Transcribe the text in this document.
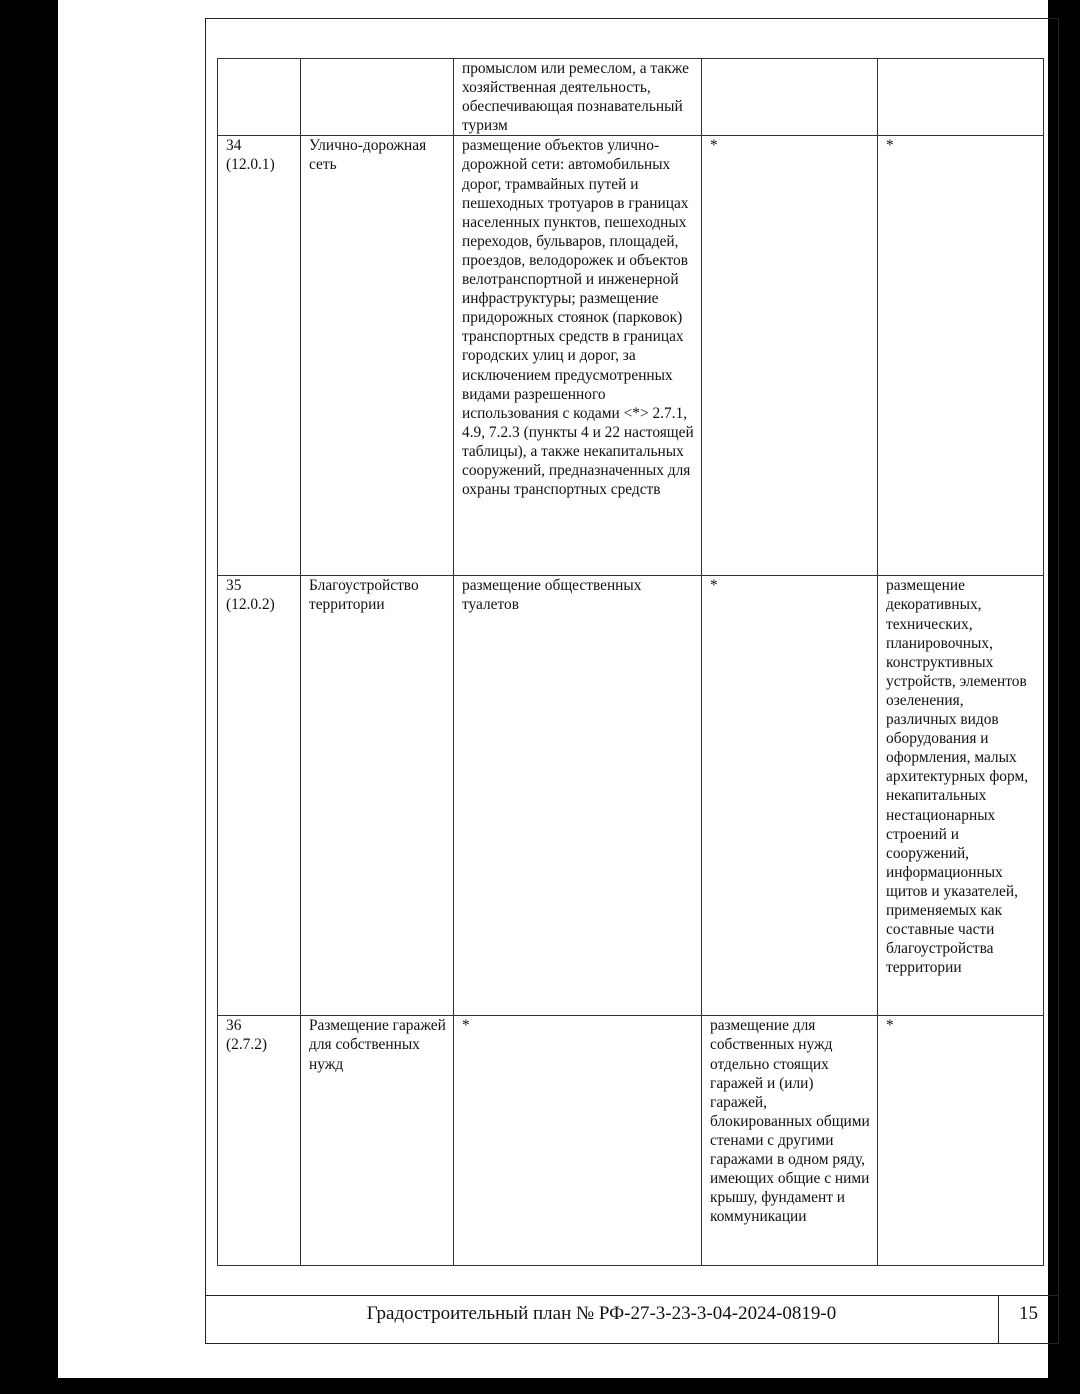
		промыслом или ремеслом, а также хозяйственная деятельность, обеспечивающая познавательный туризм		

34
(12.0.1)	Улично-дорожная сеть	размещение объектов улично-дорожной сети: автомобильных дорог, трамвайных путей и пешеходных тротуаров в границах населенных пунктов, пешеходных переходов, бульваров, площадей, проездов, велодорожек и объектов велотранспортной и инженерной инфраструктуры; размещение придорожных стоянок (парковок) транспортных средств в границах городских улиц и дорог, за исключением предусмотренных видами разрешенного использования с кодами <*> 2.7.1, 4.9, 7.2.3 (пункты 4 и 22 настоящей таблицы), а также некапитальных сооружений, предназначенных для охраны транспортных средств	*	*

35
(12.0.2)	Благоустройство территории	размещение общественных туалетов	*	размещение декоративных, технических, планировочных, конструктивных устройств, элементов озеленения, различных видов оборудования и оформления, малых архитектурных форм, некапитальных нестационарных строений и сооружений, информационных щитов и указателей, применяемых как составные части благоустройства территории

36
(2.7.2)	Размещение гаражей для собственных нужд	*	размещение для собственных нужд отдельно стоящих гаражей и (или) гаражей, блокированных общими стенами с другими гаражами в одном ряду, имеющих общие с ними крышу, фундамент и коммуникации	*
Градостроительный план № РФ-27-3-23-3-04-2024-0819-0	15
